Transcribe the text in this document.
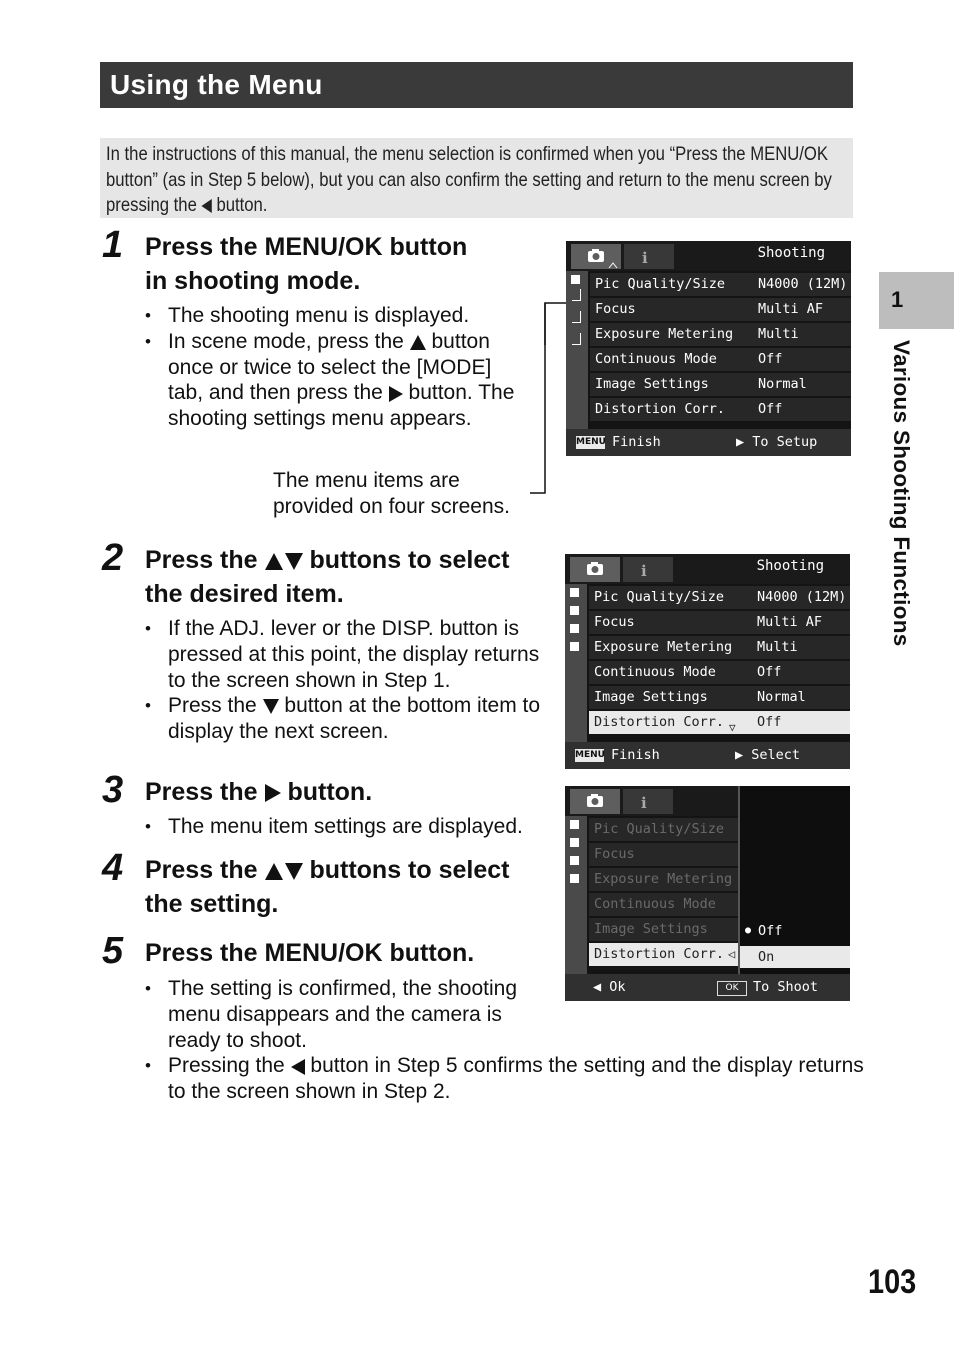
Using the Menu

In the instructions of this manual, the menu selection is confirmed when you “Press the MENU/OK button” (as in Step 5 below), but you can also confirm the setting and return to the menu screen by pressing the button.

1 Press the MENU/OK button
in shooting mode.
• The shooting menu is displayed.
• In scene mode, press the button once or twice to select the [MODE] tab, and then press the button. The shooting settings menu appears.
The menu items are
provided on four screens.
ℹ	Shooting
Pic Quality/Size N4000 (12M)
Focus	Multi AF
Exposure Metering Multi
Continuous Mode	Off
Image Settings	Normal
Distortion Corr. Off
MENU Finish	▶ To Setup
2 Press the buttons to select
the desired item.
• If the ADJ. lever or the DISP. button is pressed at this point, the display returns to the screen shown in Step 1.
• Press the button at the bottom item to display the next screen.
ℹ	Shooting
Pic Quality/Size N4000 (12M)
Focus	Multi AF
Exposure Metering Multi
Continuous Mode	Off
Image Settings	Normal
Distortion Corr. Off
▽
MENU Finish	▶ Select
3 Press the button.
• The menu item settings are displayed.
4 Press the buttons to select
the setting.
ℹ
Pic Quality/Size
Focus
Exposure Metering
Continuous Mode
Image Settings
Distortion Corr. ◁
● Off
On
◀ Ok	OK	To Shoot
5 Press the MENU/OK button.
• The setting is confirmed, the shooting menu disappears and the camera is ready to shoot.
• Pressing the button in Step 5 confirms the setting and the display returns to the screen shown in Step 2.
1
Various Shooting Functions
103
